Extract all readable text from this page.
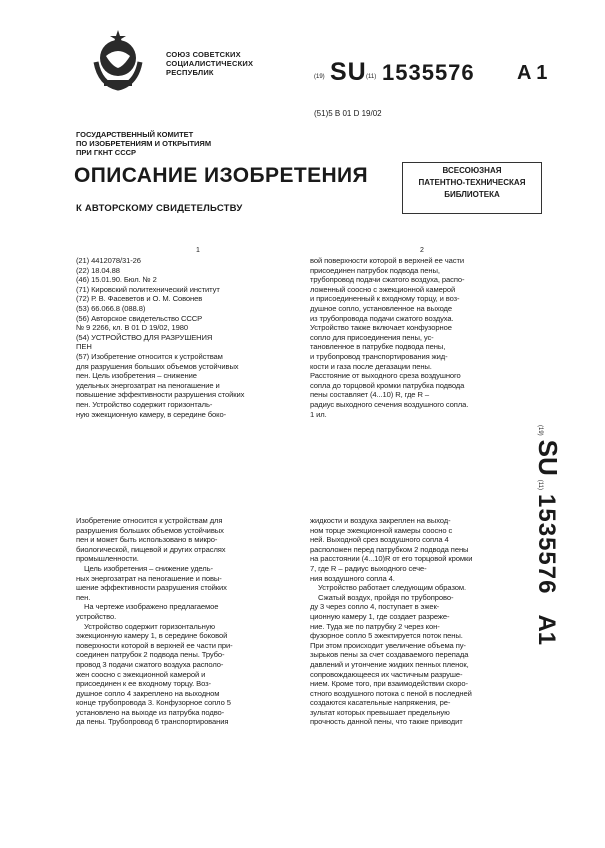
СОЮЗ СОВЕТСКИХ
СОЦИАЛИСТИЧЕСКИХ
РЕСПУБЛИК	(19) SU (11) 1535576 A 1
(51)5 B 01 D 19/02
ГОСУДАРСТВЕННЫЙ КОМИТЕТ
ПО ИЗОБРЕТЕНИЯМ И ОТКРЫТИЯМ
ПРИ ГКНТ СССР
ОПИСАНИЕ ИЗОБРЕТЕНИЯ
К АВТОРСКОМУ СВИДЕТЕЛЬСТВУ
ВСЕСОЮЗНАЯ
ПАТЕНТНО-ТЕХНИЧЕСКАЯ
БИБЛИОТЕКА
1	2
(21) 4412078/31-26
(22) 18.04.88
(46) 15.01.90. Бюл. № 2
(71) Кировский политехнический институт
(72) Р. В. Фасеветов и О. М. Совонев
(53) 66.066.8 (088.8)
(56) Авторское свидетельство СССР
№ 9 2266, кл. В 01 D 19/02, 1980
(54) УСТРОЙСТВО ДЛЯ РАЗРУШЕНИЯ
ПЕН
(57) Изобретение относится к устройствам
для разрушения больших объемов устойчивых
пен. Цель изобретения – снижение
удельных энергозатрат на пеногашение и
повышение эффективности разрушения стойких
пен. Устройство содержит горизонталь-
ную эжекционную камеру, в середине боко-
вой поверхности которой в верхней ее части
присоединен патрубок подвода пены,
трубопровод подачи сжатого воздуха, распо-
ложенный соосно с эжекционной камерой
и присоединенный к входному торцу, и воз-
душное сопло, установленное на выходе
из трубопровода подачи сжатого воздуха.
Устройство также включает конфузорное
сопло для присоединения пены, ус-
тановленное в патрубке подвода пены,
и трубопровод транспортирования жид-
кости и газа после дегазации пены.
Расстояние от выходного среза воздушного
сопла до торцовой кромки патрубка подвода
пены составляет (4...10) R, где R –
радиус выходного сечения воздушного сопла.
1 ил.
Изобретение относится к устройствам для
разрушения больших объемов устойчивых
пен и может быть использовано в микро-
биологической, пищевой и других отраслях
промышленности.
Цель изобретения – снижение удель-
ных энергозатрат на пеногашение и повы-
шение эффективности разрушения стойких
пен.
На чертеже изображено предлагаемое
устройство.
Устройство содержит горизонтальную
эжекционную камеру 1, в середине боковой
поверхности которой в верхней ее части при-
соединен патрубок 2 подвода пены. Трубо-
провод 3 подачи сжатого воздуха располо-
жен соосно с эжекционной камерой и
присоединен к ее входному торцу. Воз-
душное сопло 4 закреплено на выходном
конце трубопровода 3. Конфузорное сопло 5
установлено на выходе из патрубка подво-
да пены. Трубопровод 6 транспортирования
жидкости и воздуха закреплен на выход-
ном торце эжекционной камеры соосно с
ней. Выходной срез воздушного сопла 4
расположен перед патрубком 2 подвода пены
на расстоянии (4...10)R от его торцовой кромки
7, где R – радиус выходного сече-
ния воздушного сопла 4.
Устройство работает следующим образом.
Сжатый воздух, пройдя по трубопрово-
ду 3 через сопло 4, поступает в эжек-
ционную камеру 1, где создает разреже-
ние. Туда же по патрубку 2 через кон-
фузорное сопло 5 эжектируется поток пены.
При этом происходит увеличение объема пу-
зырьков пены за счет создаваемого перепада
давлений и утончение жидких пенных пленок,
сопровождающееся их частичным разруше-
нием. Кроме того, при взаимодействии скоро-
стного воздушного потока с пеной в последней
создаются касательные напряжения, ре-
зультат которых превышает предельную
прочность данной пены, что также приводит
(19)
SU
(11)
1535576
A1
